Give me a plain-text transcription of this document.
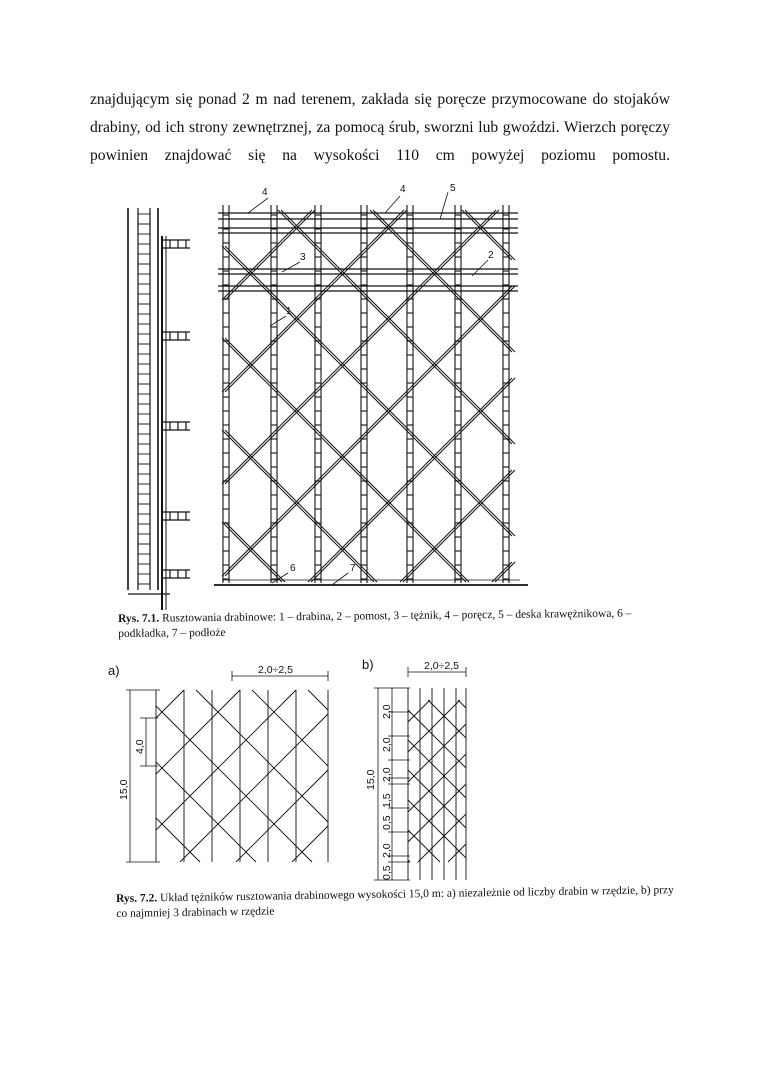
znajdującym się ponad 2 m nad terenem, zakłada się poręcze przymocowane do stojaków
drabiny, od ich strony zewnętrznej, za pomocą śrub, sworzni lub gwoździ. Wierzch poręczy
powinien znajdować się na wysokości 110 cm powyżej poziomu pomostu.
4	4	5
3	2
1
6	7
a)	2,0÷2,5
15,0
4,0
b)	2,0÷2,5
15,0
2,0
2,0
2,0
1,5
0,5
2,0
0,5
Rys. 7.1. Rusztowania drabinowe: 1 – drabina, 2 – pomost, 3 – tężnik, 4 – poręcz, 5 – deska krawężnikowa, 6 – podkładka, 7 – podłoże
Rys. 7.2. Układ tężników rusztowania drabinowego wysokości 15,0 m: a) niezależnie od liczby drabin w rzędzie, b) przy co najmniej 3 drabinach w rzędzie
